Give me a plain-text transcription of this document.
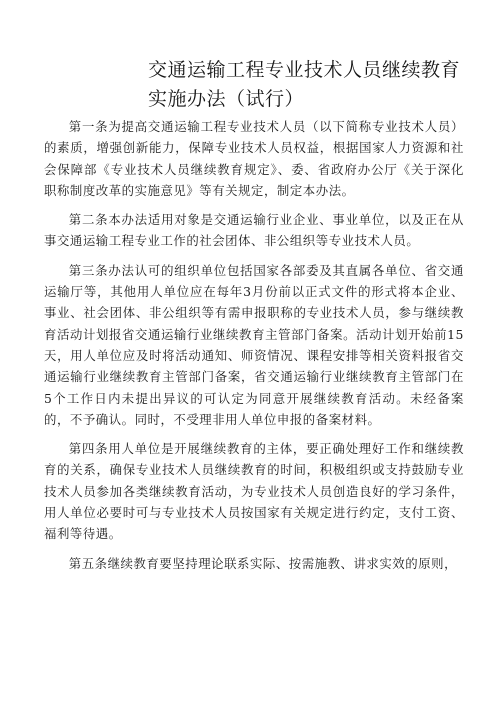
交通运输工程专业技术人员继续教育
实施办法（试行）

第一条为提高交通运输工程专业技术人员（以下简称专业技术人员）的素质，增强创新能力，保障专业技术人员权益，根据国家人力资源和社会保障部《专业技术人员继续教育规定》、委、省政府办公厅《关于深化职称制度改革的实施意见》等有关规定，制定本办法。

第二条本办法适用对象是交通运输行业企业、事业单位，以及正在从事交通运输工程专业工作的社会团体、非公组织等专业技术人员。

第三条办法认可的组织单位包括国家各部委及其直属各单位、省交通运输厅等，其他用人单位应在每年3月份前以正式文件的形式将本企业、事业、社会团体、非公组织等有需申报职称的专业技术人员，参与继续教育活动计划报省交通运输行业继续教育主管部门备案。活动计划开始前15天，用人单位应及时将活动通知、师资情况、课程安排等相关资料报省交通运输行业继续教育主管部门备案，省交通运输行业继续教育主管部门在5个工作日内未提出异议的可认定为同意开展继续教育活动。未经备案的，不予确认。同时，不受理非用人单位申报的备案材料。

第四条用人单位是开展继续教育的主体，要正确处理好工作和继续教育的关系，确保专业技术人员继续教育的时间，积极组织或支持鼓励专业技术人员参加各类继续教育活动，为专业技术人员创造良好的学习条件，用人单位必要时可与专业技术人员按国家有关规定进行约定，支付工资、福利等待遇。

第五条继续教育要坚持理论联系实际、按需施教、讲求实效的原则，
